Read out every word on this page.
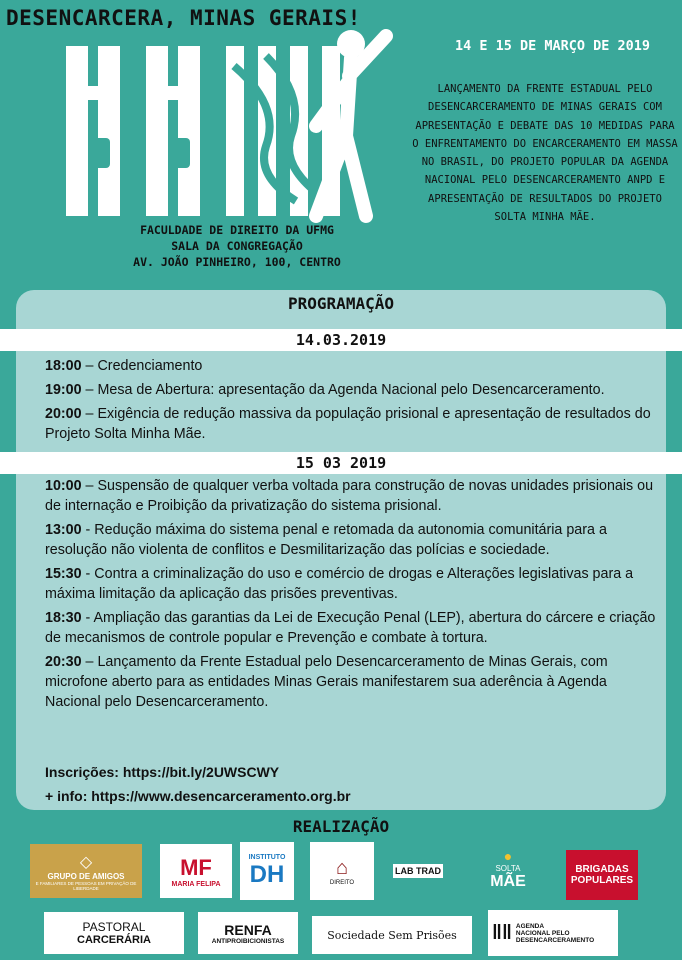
DESENCARCERA, MINAS GERAIS!
14 E 15 DE MARÇO DE 2019
LANÇAMENTO DA FRENTE ESTADUAL PELO DESENCARCERAMENTO DE MINAS GERAIS COM APRESENTAÇÃO E DEBATE DAS 10 MEDIDAS PARA O ENFRENTAMENTO DO ENCARCERAMENTO EM MASSA NO BRASIL, DO PROJETO POPULAR DA AGENDA NACIONAL PELO DESENCARCERAMENTO ANPD E APRESENTAÇÃO DE RESULTADOS DO PROJETO SOLTA MINHA MÃE.
FACULDADE DE DIREITO DA UFMG
SALA DA CONGREGAÇÃO
AV. JOÃO PINHEIRO, 100, CENTRO
PROGRAMAÇÃO
14.03.2019

18:00 – Credenciamento

19:00 – Mesa de Abertura: apresentação da Agenda Nacional pelo Desencarceramento.

20:00 – Exigência de redução massiva da população prisional e apresentação de resultados do Projeto Solta Minha Mãe.

15 03 2019

10:00 – Suspensão de qualquer verba voltada para construção de novas unidades prisionais ou de internação e Proibição da privatização do sistema prisional.

13:00 - Redução máxima do sistema penal e retomada da autonomia comunitária para a resolução não violenta de conflitos e Desmilitarização das polícias e sociedade.

15:30 - Contra a criminalização do uso e comércio de drogas e Alterações legislativas para a máxima limitação da aplicação das prisões preventivas.

18:30 - Ampliação das garantias da Lei de Execução Penal (LEP), abertura do cárcere e criação de mecanismos de controle popular e Prevenção e combate à tortura.

20:30 – Lançamento da Frente Estadual pelo Desencarceramento de Minas Gerais, com microfone aberto para as entidades Minas Gerais manifestarem sua aderência à Agenda Nacional pelo Desencarceramento.

Inscrições: https://bit.ly/2UWSCWY
+ info: https://www.desencarceramento.org.br
REALIZAÇÃO
◇
GRUPO DE AMIGOS
E FAMILIARES DE PESSOAS EM PRIVAÇÃO DE LIBERDADE
MF
MARIA FELIPA
INSTITUTO
DH	⌂
DIREITO
LAB TRAD
●
SOLTA
MÃE
BRIGADAS
POPULARES
PASTORAL
CARCERÁRIA
RENFA
ANTIPROIBICIONISTAS	Sociedade Sem Prisões ‖‖ AGENDA NACIONAL PELO DESENCARCERAMENTO
